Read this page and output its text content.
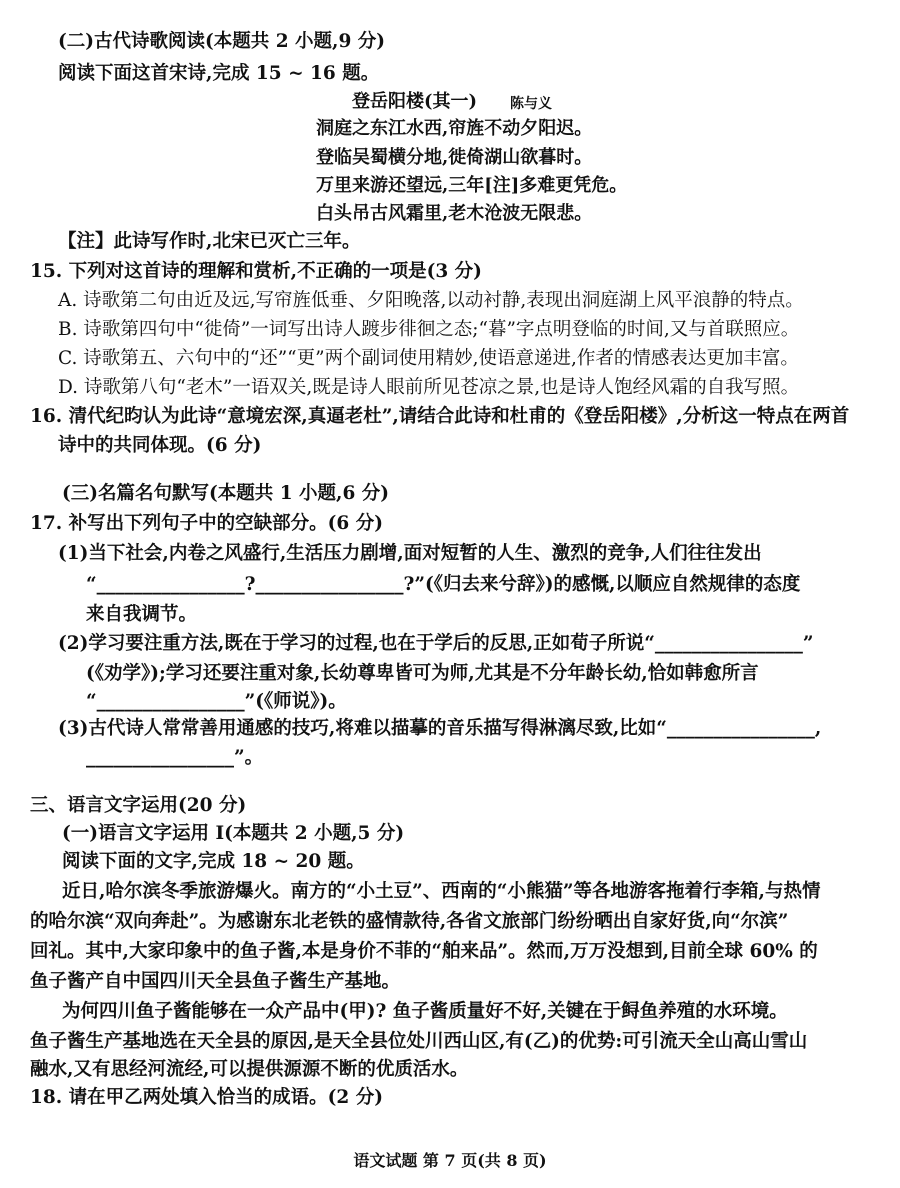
(二)古代诗歌阅读(本题共 2 小题,9 分)
阅读下面这首宋诗,完成 15 ~ 16 题。
登岳阳楼(其一) 陈与义
洞庭之东江水西,帘旌不动夕阳迟。
登临吴蜀横分地,徙倚湖山欲暮时。
万里来游还望远,三年[注]多难更凭危。
白头吊古风霜里,老木沧波无限悲。
【注】此诗写作时,北宋已灭亡三年。
15. 下列对这首诗的理解和赏析,不正确的一项是(3 分)
A. 诗歌第二句由近及远,写帘旌低垂、夕阳晚落,以动衬静,表现出洞庭湖上风平浪静的特点。
B. 诗歌第四句中“徙倚”一词写出诗人踱步徘徊之态;“暮”字点明登临的时间,又与首联照应。
C. 诗歌第五、六句中的“还”“更”两个副词使用精妙,使语意递进,作者的情感表达更加丰富。
D. 诗歌第八句“老木”一语双关,既是诗人眼前所见苍凉之景,也是诗人饱经风霜的自我写照。
16. 清代纪昀认为此诗“意境宏深,真逼老杜”,请结合此诗和杜甫的《登岳阳楼》,分析这一特点在两首
诗中的共同体现。(6 分)
(三)名篇名句默写(本题共 1 小题,6 分)
17. 补写出下列句子中的空缺部分。(6 分)
(1)当下社会,内卷之风盛行,生活压力剧增,面对短暂的人生、激烈的竞争,人们往往发出
“________________?________________?”(《归去来兮辞》)的感慨,以顺应自然规律的态度
来自我调节。
(2)学习要注重方法,既在于学习的过程,也在于学后的反思,正如荀子所说“________________”
(《劝学》);学习还要注重对象,长幼尊卑皆可为师,尤其是不分年龄长幼,恰如韩愈所言
“________________”(《师说》)。
(3)古代诗人常常善用通感的技巧,将难以描摹的音乐描写得淋漓尽致,比如“________________,
________________”。
三、语言文字运用(20 分)
(一)语言文字运用 Ⅰ(本题共 2 小题,5 分)
阅读下面的文字,完成 18 ~ 20 题。
近日,哈尔滨冬季旅游爆火。南方的“小土豆”、西南的“小熊猫”等各地游客拖着行李箱,与热情
的哈尔滨“双向奔赴”。为感谢东北老铁的盛情款待,各省文旅部门纷纷晒出自家好货,向“尔滨”
回礼。其中,大家印象中的鱼子酱,本是身价不菲的“舶来品”。然而,万万没想到,目前全球 60% 的
鱼子酱产自中国四川天全县鱼子酱生产基地。
为何四川鱼子酱能够在一众产品中(甲)? 鱼子酱质量好不好,关键在于鲟鱼养殖的水环境。
鱼子酱生产基地选在天全县的原因,是天全县位处川西山区,有(乙)的优势:可引流天全山高山雪山
融水,又有思经河流经,可以提供源源不断的优质活水。
18. 请在甲乙两处填入恰当的成语。(2 分)
语文试题 第 7 页(共 8 页)
